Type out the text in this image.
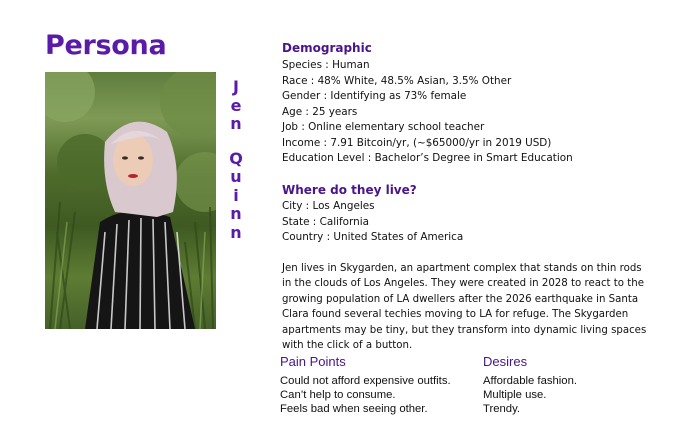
Persona
J
e
n
Q
u
i
n
n
Demographic
Species : Human
Race : 48% White, 48.5% Asian, 3.5% Other
Gender : Identifying as 73% female
Age : 25 years
Job : Online elementary school teacher
Income : 7.91 Bitcoin/yr, (~$65000/yr in 2019 USD)
Education Level : Bachelor’s Degree in Smart Education
Where do they live?
City : Los Angeles
State : California
Country : United States of America
Jen lives in Skygarden, an apartment complex that stands on thin rods in the clouds of Los Angeles. They were created in 2028 to react to the growing population of LA dwellers after the 2026 earthquake in Santa Clara found several techies moving to LA for refuge. The Skygarden apartments may be tiny, but they transform into dynamic living spaces with the click of a button.
Pain Points
Could not afford expensive outfits.
Can’t help to consume.
Feels bad when seeing other.
Desires
Affordable fashion.
Multiple use.
Trendy.
